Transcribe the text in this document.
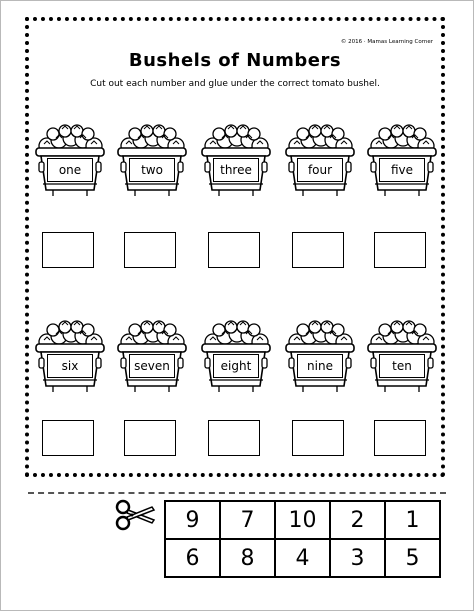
© 2016 · Mamas Learning Corner
Bushels of Numbers
Cut out each number and glue under the correct tomato bushel.
one	two	three	four	five
six	seven	eight	nine	ten
9	7	10	2	1
6	8	4	3	5
